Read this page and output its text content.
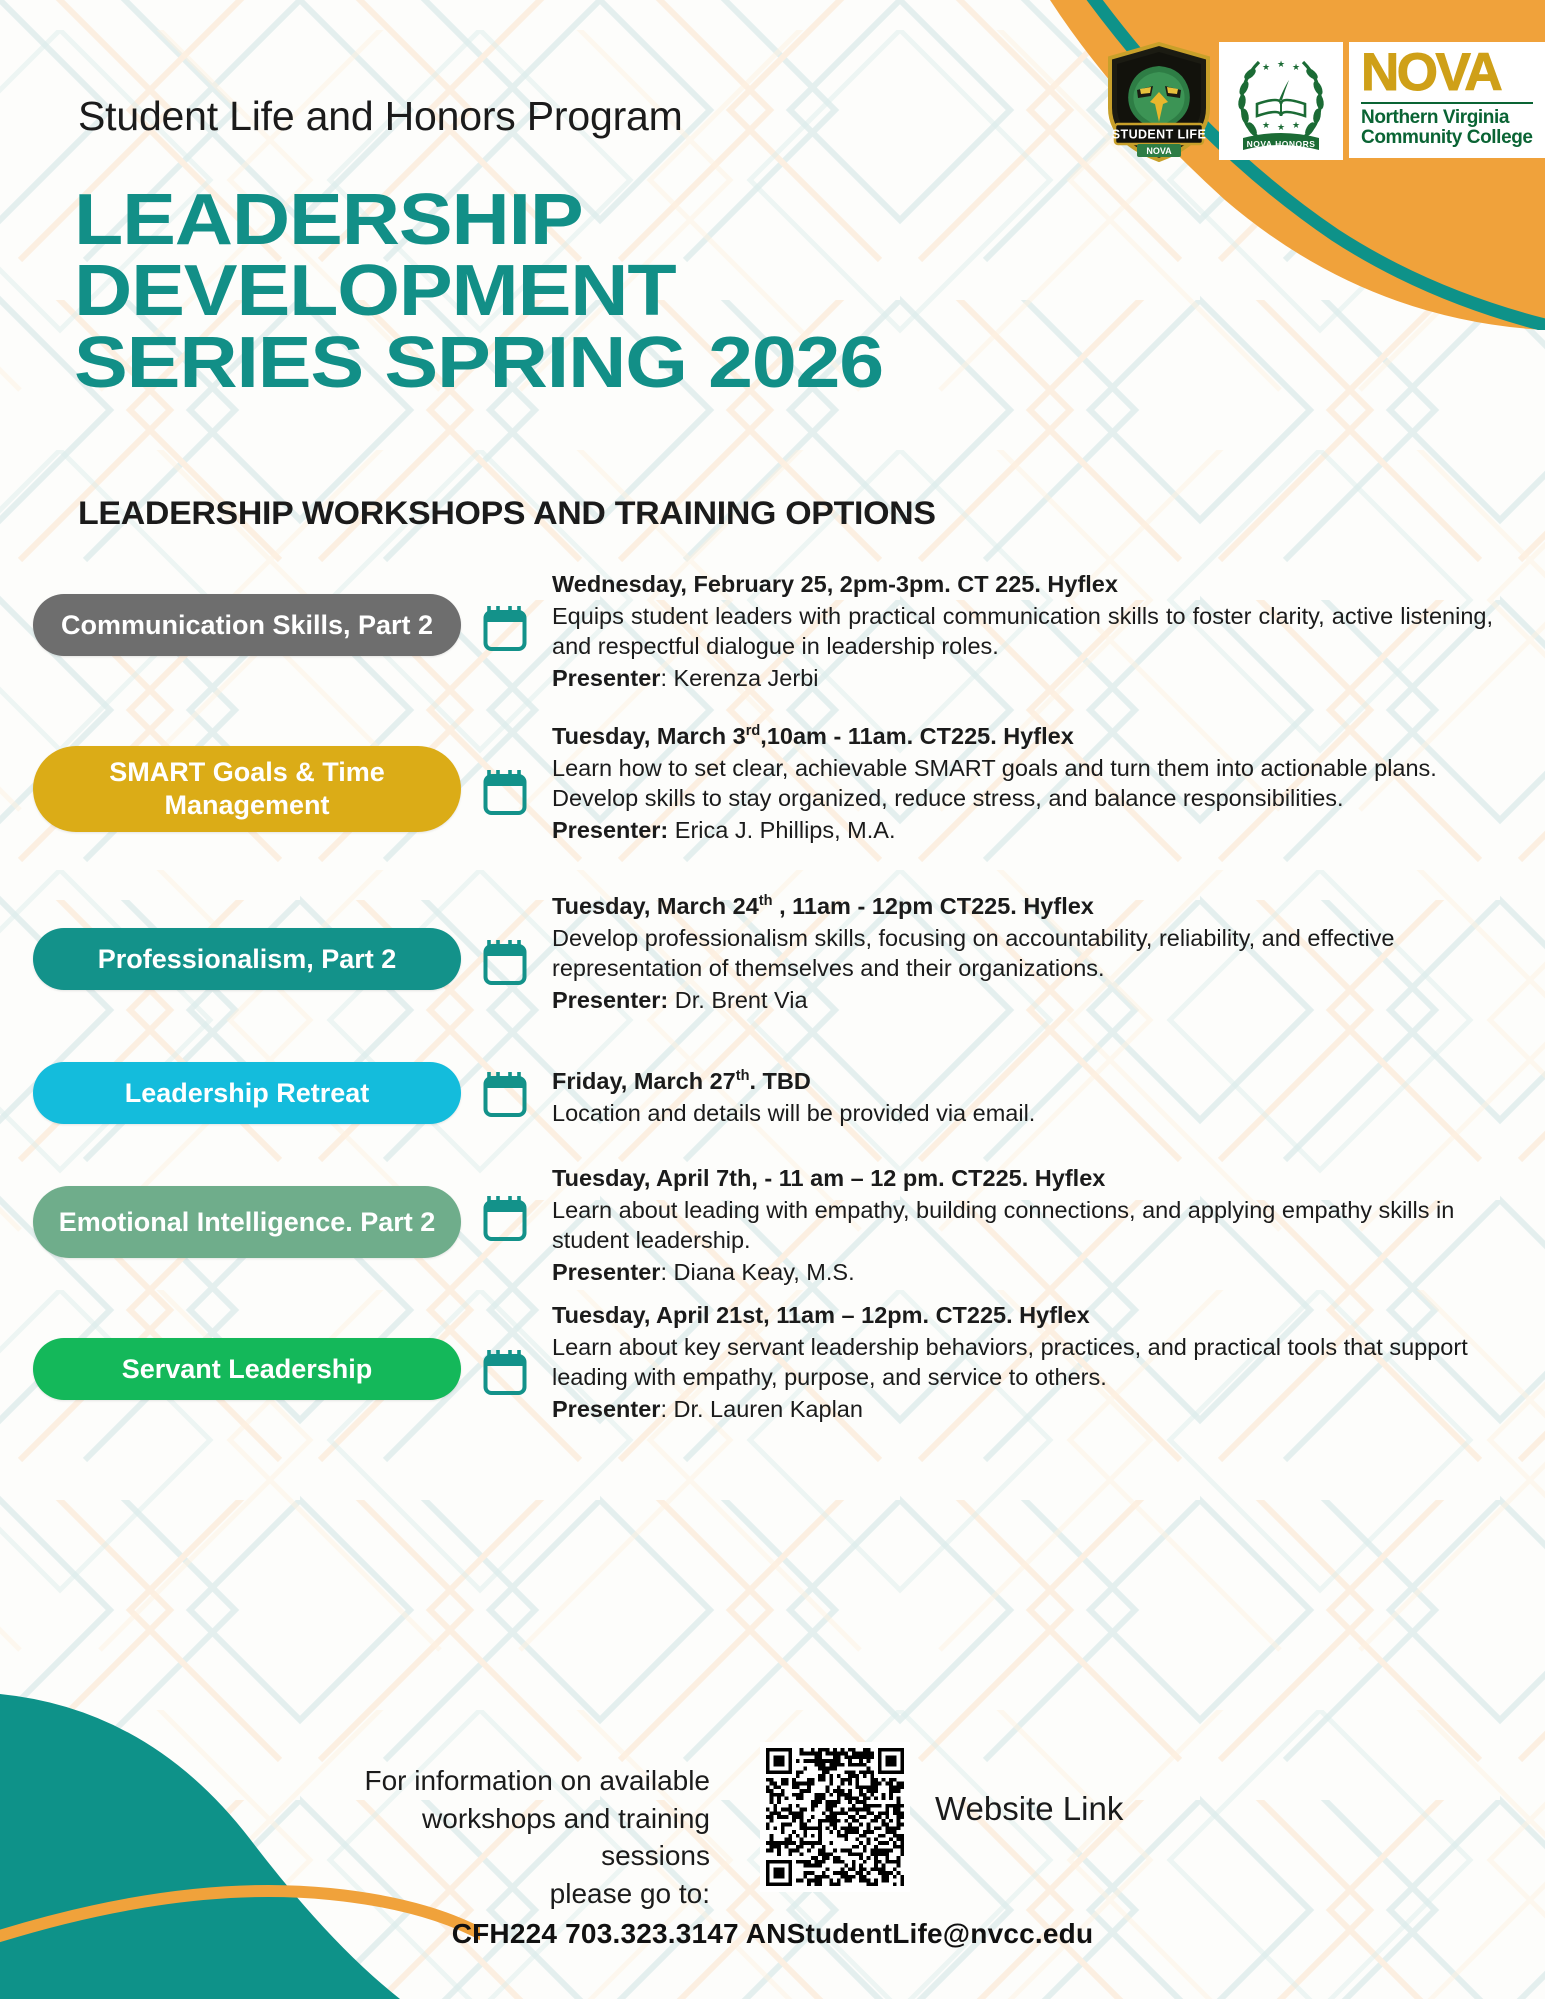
Student Life and Honors Program	STUDENT LIFE
NOVA
★ ★ ★
★ ★ ★
NOVA HONORS
NOVA
Northern Virginia
Community College
LEADERSHIP
DEVELOPMENT
SERIES SPRING 2026
LEADERSHIP WORKSHOPS AND TRAINING OPTIONS
Communication Skills, Part 2
Wednesday, February 25, 2pm-3pm. CT 225. Hyflex
Equips student leaders with practical communication skills to foster clarity, active listening, and respectful dialogue in leadership roles.
Presenter: Kerenza Jerbi
SMART Goals & Time Management
Tuesday, March 3rd,10am - 11am. CT225. Hyflex
Learn how to set clear, achievable SMART goals and turn them into actionable plans. Develop skills to stay organized, reduce stress, and balance responsibilities.
Presenter: Erica J. Phillips, M.A.
Professionalism, Part 2
Tuesday, March 24th , 11am - 12pm CT225. Hyflex
Develop professionalism skills, focusing on accountability, reliability, and effective representation of themselves and their organizations.
Presenter: Dr. Brent Via
Leadership Retreat	Friday, March 27th. TBD
Location and details will be provided via email.
Emotional Intelligence. Part 2
Tuesday, April 7th, - 11 am – 12 pm. CT225. Hyflex
Learn about leading with empathy, building connections, and applying empathy skills in student leadership.
Presenter: Diana Keay, M.S.
Servant Leadership
Tuesday, April 21st, 11am – 12pm. CT225. Hyflex
Learn about key servant leadership behaviors, practices, and practical tools that support leading with empathy, purpose, and service to others.
Presenter: Dr. Lauren Kaplan
For information on available
workshops and training sessions
please go to:
Website Link
CFH224 703.323.3147 ANStudentLife@nvcc.edu
